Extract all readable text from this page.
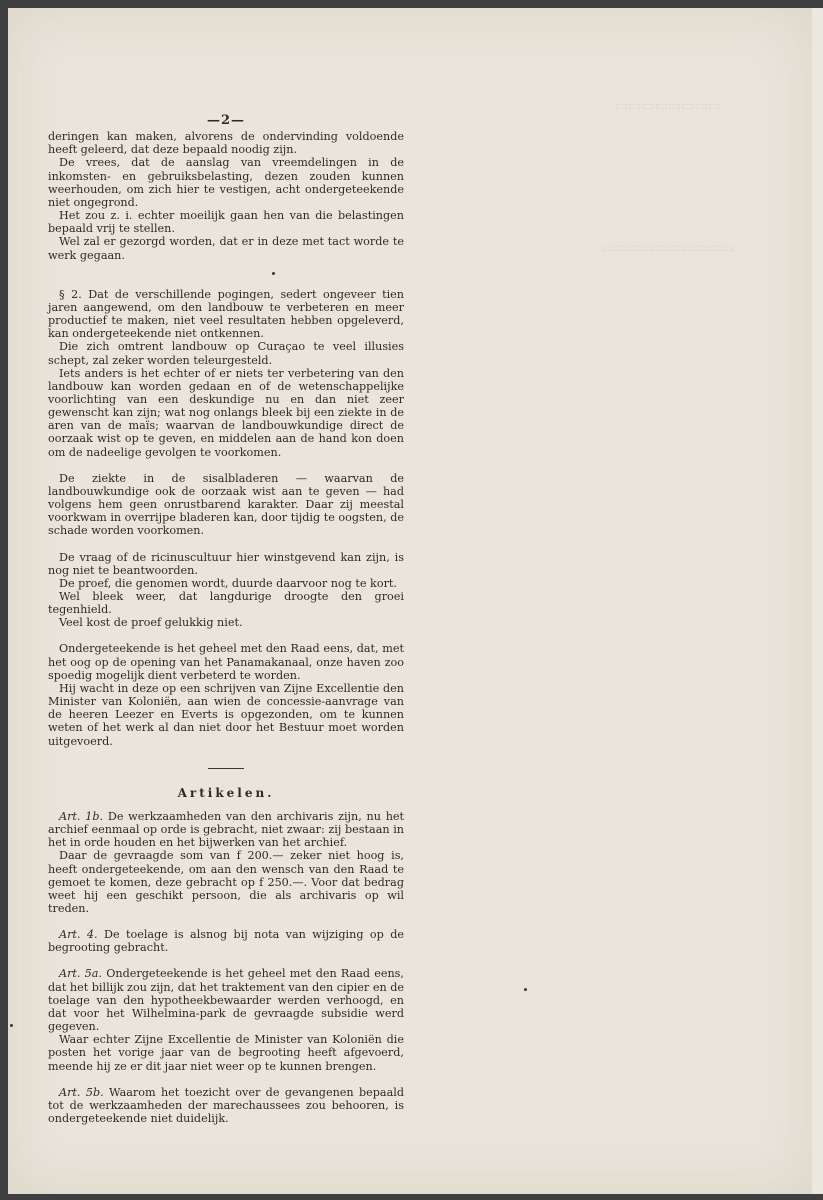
▭▭▭▭▭▭▭▭
▭▭▭▭▭▭▭▭▭▭
—2—

deringen kan maken, alvorens de ondervinding voldoende heeft geleerd, dat deze bepaald noodig zijn.

De vrees, dat de aanslag van vreemdelingen in de inkomsten- en gebruiksbelasting, dezen zouden kunnen weerhouden, om zich hier te vestigen, acht ondergeteekende niet ongegrond.

Het zou z. i. echter moeilijk gaan hen van die belastingen bepaald vrij te stellen.

Wel zal er gezorgd worden, dat er in deze met tact worde te werk gegaan.

§ 2. Dat de verschillende pogingen, sedert ongeveer tien jaren aangewend, om den landbouw te verbeteren en meer productief te maken, niet veel resultaten hebben opgeleverd, kan ondergeteekende niet ontkennen.

Die zich omtrent landbouw op Curaçao te veel illusies schept, zal zeker worden teleurgesteld.

Iets anders is het echter of er niets ter verbetering van den landbouw kan worden gedaan en of de wetenschappelijke voorlichting van een deskundige nu en dan niet zeer gewenscht kan zijn; wat nog onlangs bleek bij een ziekte in de aren van de maïs; waarvan de landbouwkundige direct de oorzaak wist op te geven, en middelen aan de hand kon doen om de nadeelige gevolgen te voorkomen.

De ziekte in de sisalbladeren — waarvan de landbouwkundige ook de oorzaak wist aan te geven — had volgens hem geen onrustbarend karakter. Daar zij meestal voorkwam in overrijpe bladeren kan, door tijdig te oogsten, de schade worden voorkomen.

De vraag of de ricinuscultuur hier winstgevend kan zijn, is nog niet te beantwoorden.

De proef, die genomen wordt, duurde daarvoor nog te kort.

Wel bleek weer, dat langdurige droogte den groei tegenhield.

Veel kost de proef gelukkig niet.

Ondergeteekende is het geheel met den Raad eens, dat, met het oog op de opening van het Panamakanaal, onze haven zoo spoedig mogelijk dient verbeterd te worden.

Hij wacht in deze op een schrijven van Zijne Excellentie den Minister van Koloniën, aan wien de concessie-aanvrage van de heeren Leezer en Everts is opgezonden, om te kunnen weten of het werk al dan niet door het Bestuur moet worden uitgevoerd.

Artikelen.

Art. 1b. De werkzaamheden van den archivaris zijn, nu het archief eenmaal op orde is gebracht, niet zwaar: zij bestaan in het in orde houden en het bijwerken van het archief.

Daar de gevraagde som van f 200.— zeker niet hoog is, heeft ondergeteekende, om aan den wensch van den Raad te gemoet te komen, deze gebracht op f 250.—. Voor dat bedrag weet hij een geschikt persoon, die als archivaris op wil treden.

Art. 4. De toelage is alsnog bij nota van wijziging op de begrooting gebracht.

Art. 5a. Ondergeteekende is het geheel met den Raad eens, dat het billijk zou zijn, dat het traktement van den cipier en de toelage van den hypotheekbewaarder werden verhoogd, en dat voor het Wilhelmina-park de gevraagde subsidie werd gegeven.

Waar echter Zijne Excellentie de Minister van Koloniën die posten het vorige jaar van de begrooting heeft afgevoerd, meende hij ze er dit jaar niet weer op te kunnen brengen.

Art. 5b. Waarom het toezicht over de gevangenen bepaald tot de werkzaamheden der marechaussees zou behooren, is ondergeteekende niet duidelijk.
